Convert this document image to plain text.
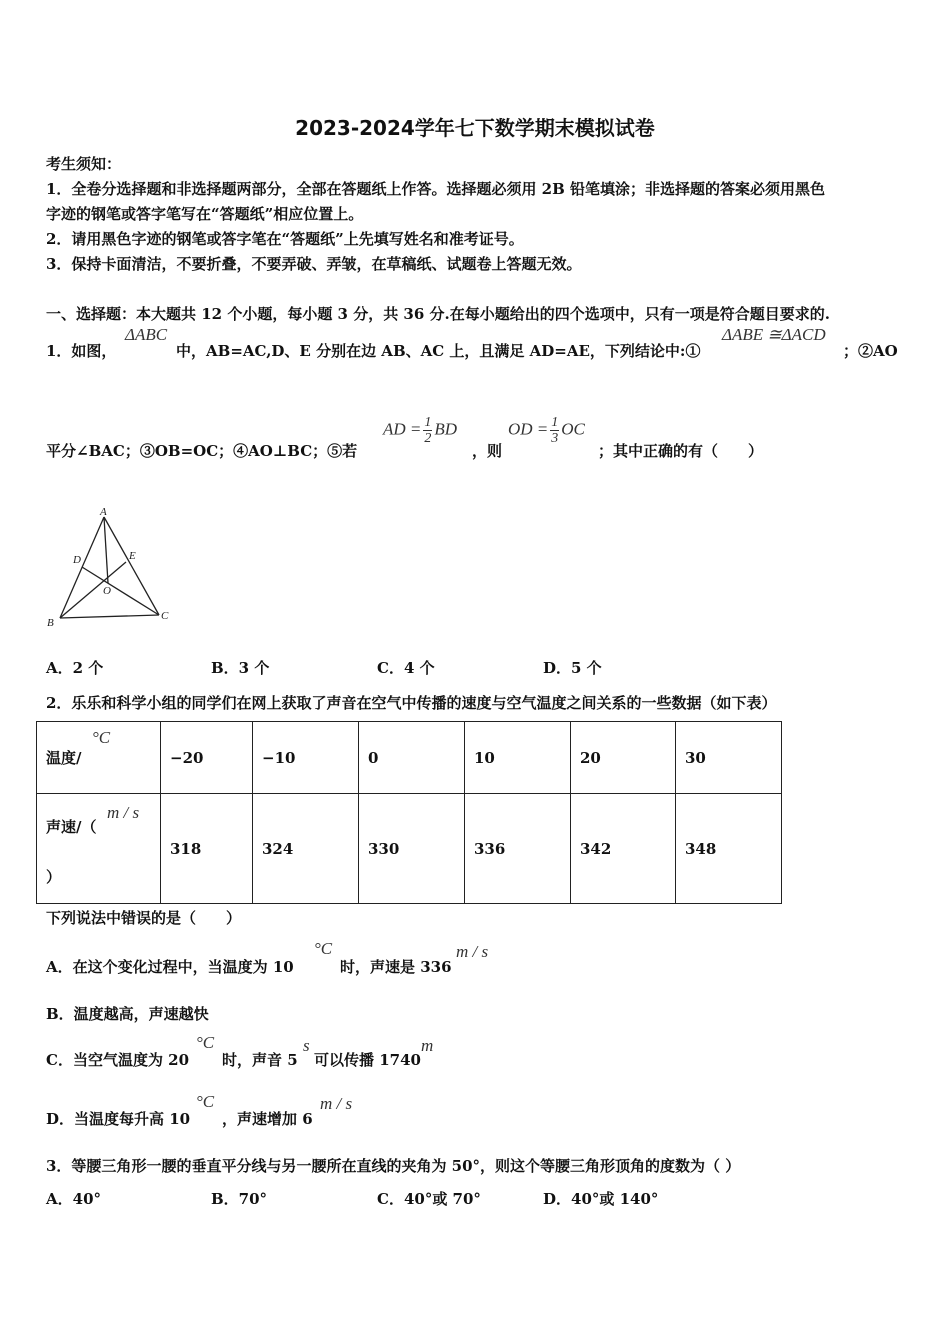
2023-2024学年七下数学期末模拟试卷
考生须知：
1．全卷分选择题和非选择题两部分，全部在答题纸上作答。选择题必须用 2B 铅笔填涂；非选择题的答案必须用黑色
字迹的钢笔或答字笔写在“答题纸”相应位置上。
2．请用黑色字迹的钢笔或答字笔在“答题纸”上先填写姓名和准考证号。
3．保持卡面清洁，不要折叠，不要弄破、弄皱，在草稿纸、试题卷上答题无效。
一、选择题：本大题共 12 个小题，每小题 3 分，共 36 分.在每小题给出的四个选项中，只有一项是符合题目要求的.
1．如图，
ΔABC
中，AB=AC,D、E 分别在边 AB、AC 上，且满足 AD=AE，下列结论中:①
ΔABE ≅ΔACD
；②AO
平分∠BAC；③OB=OC；④AO⊥BC；⑤若
AD = $\frac{1}{2}$ BD
，则
OD = $\frac{1}{3}$ OC
；其中正确的有（　　）
A
B
C
D	E
O
A．2 个	B．3 个	C．4 个	D．5 个
2．乐乐和科学小组的同学们在网上获取了声音在空气中传播的速度与空气温度之间关系的一些数据（如下表）
温度/
°C	−20	−10	0	10	20	30

声速/（
m / s
）	318	324	330	336	342	348
下列说法中错误的是（　　）
A．在这个变化过程中，当温度为 10
°C
时，声速是 336
m / s
B．温度越高，声速越快
C．当空气温度为 20
°C
时，声音 5
s
可以传播 1740
m
D．当温度每升高 10
°C
，声速增加 6
m / s
3．等腰三角形一腰的垂直平分线与另一腰所在直线的夹角为 50°，则这个等腰三角形顶角的度数为（ ）
A．40°	B．70°	C．40°或 70°	D．40°或 140°
